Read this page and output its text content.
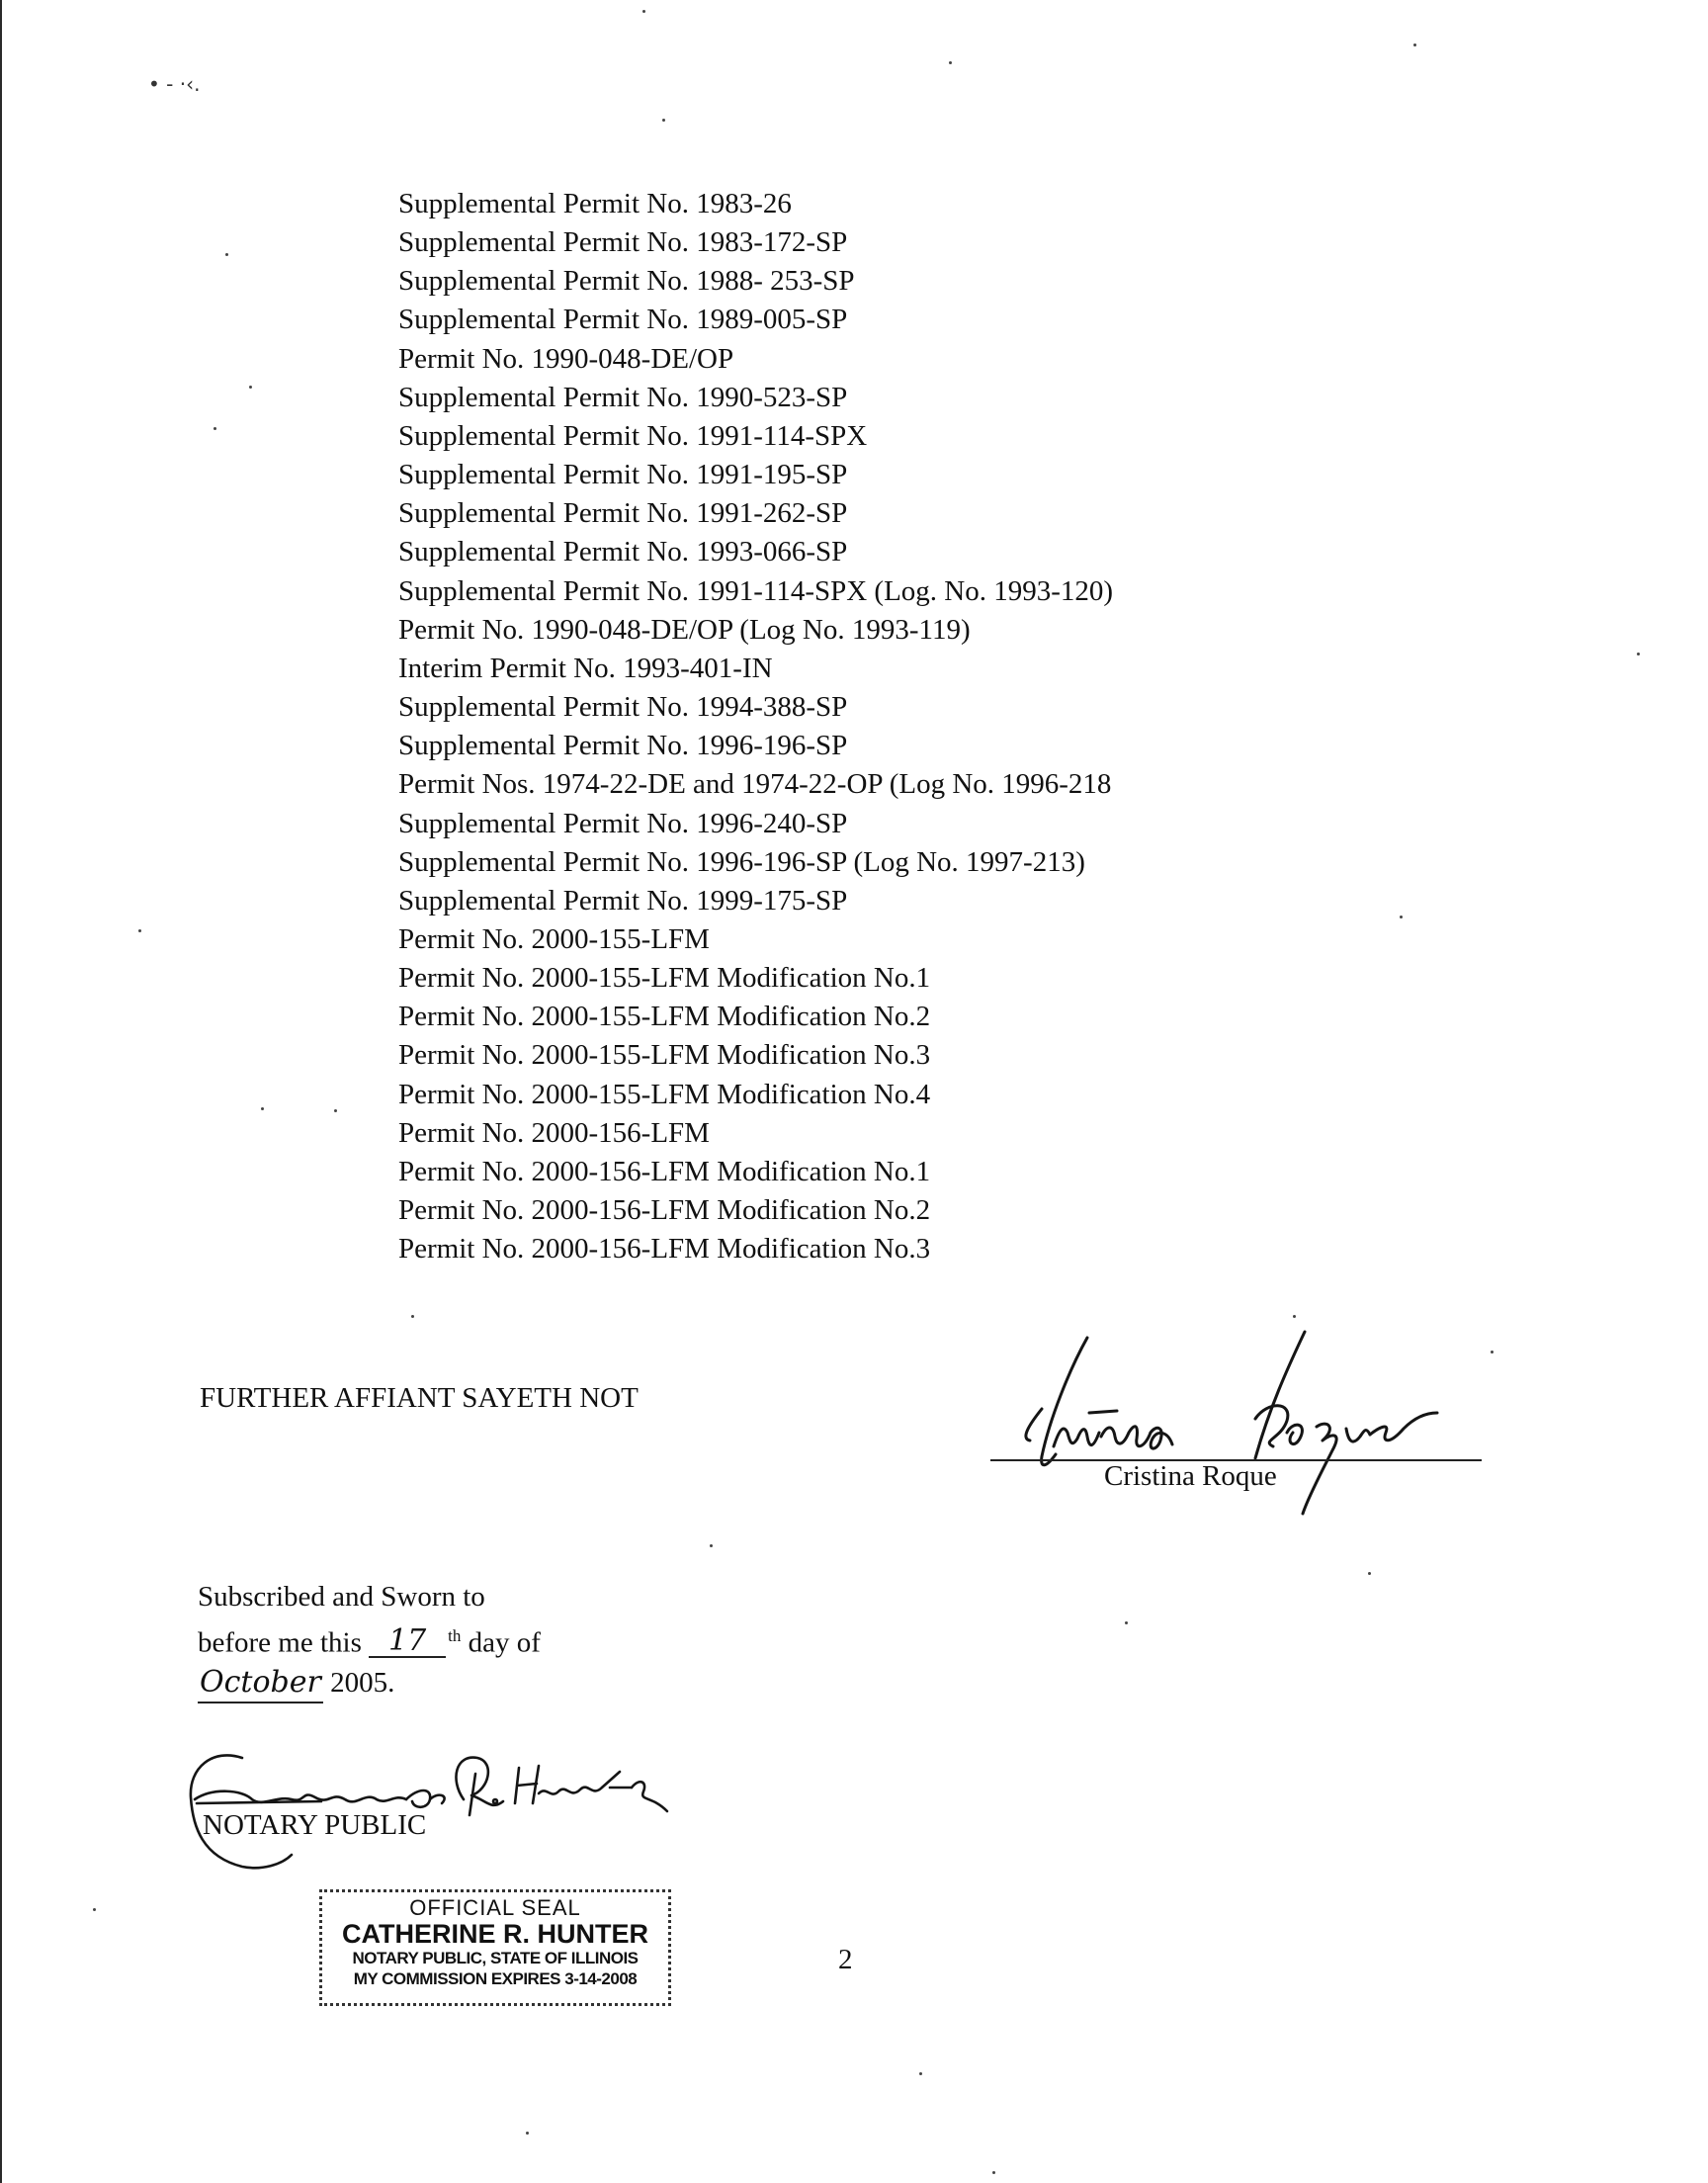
• - ·‹.
Supplemental Permit No. 1983-26
Supplemental Permit No. 1983-172-SP
Supplemental Permit No. 1988- 253-SP
Supplemental Permit No. 1989-005-SP
Permit No. 1990-048-DE/OP
Supplemental Permit No. 1990-523-SP
Supplemental Permit No. 1991-114-SPX
Supplemental Permit No. 1991-195-SP
Supplemental Permit No. 1991-262-SP
Supplemental Permit No. 1993-066-SP
Supplemental Permit No. 1991-114-SPX (Log. No. 1993-120)
Permit No. 1990-048-DE/OP (Log No. 1993-119)
Interim Permit No. 1993-401-IN
Supplemental Permit No. 1994-388-SP
Supplemental Permit No. 1996-196-SP
Permit Nos. 1974-22-DE and 1974-22-OP (Log No. 1996-218
Supplemental Permit No. 1996-240-SP
Supplemental Permit No. 1996-196-SP (Log No. 1997-213)
Supplemental Permit No. 1999-175-SP
Permit No. 2000-155-LFM
Permit No. 2000-155-LFM Modification No.1
Permit No. 2000-155-LFM Modification No.2
Permit No. 2000-155-LFM Modification No.3
Permit No. 2000-155-LFM Modification No.4
Permit No. 2000-156-LFM
Permit No. 2000-156-LFM Modification No.1
Permit No. 2000-156-LFM Modification No.2
Permit No. 2000-156-LFM Modification No.3

FURTHER AFFIANT SAYETH NOT

Cristina Roque
Subscribed and Sworn to
before me this 17 $^{th}$ day of
October 2005.
NOTARY PUBLIC
OFFICIAL SEAL
CATHERINE R. HUNTER
NOTARY PUBLIC, STATE OF ILLINOIS
MY COMMISSION EXPIRES 3-14-2008
2
